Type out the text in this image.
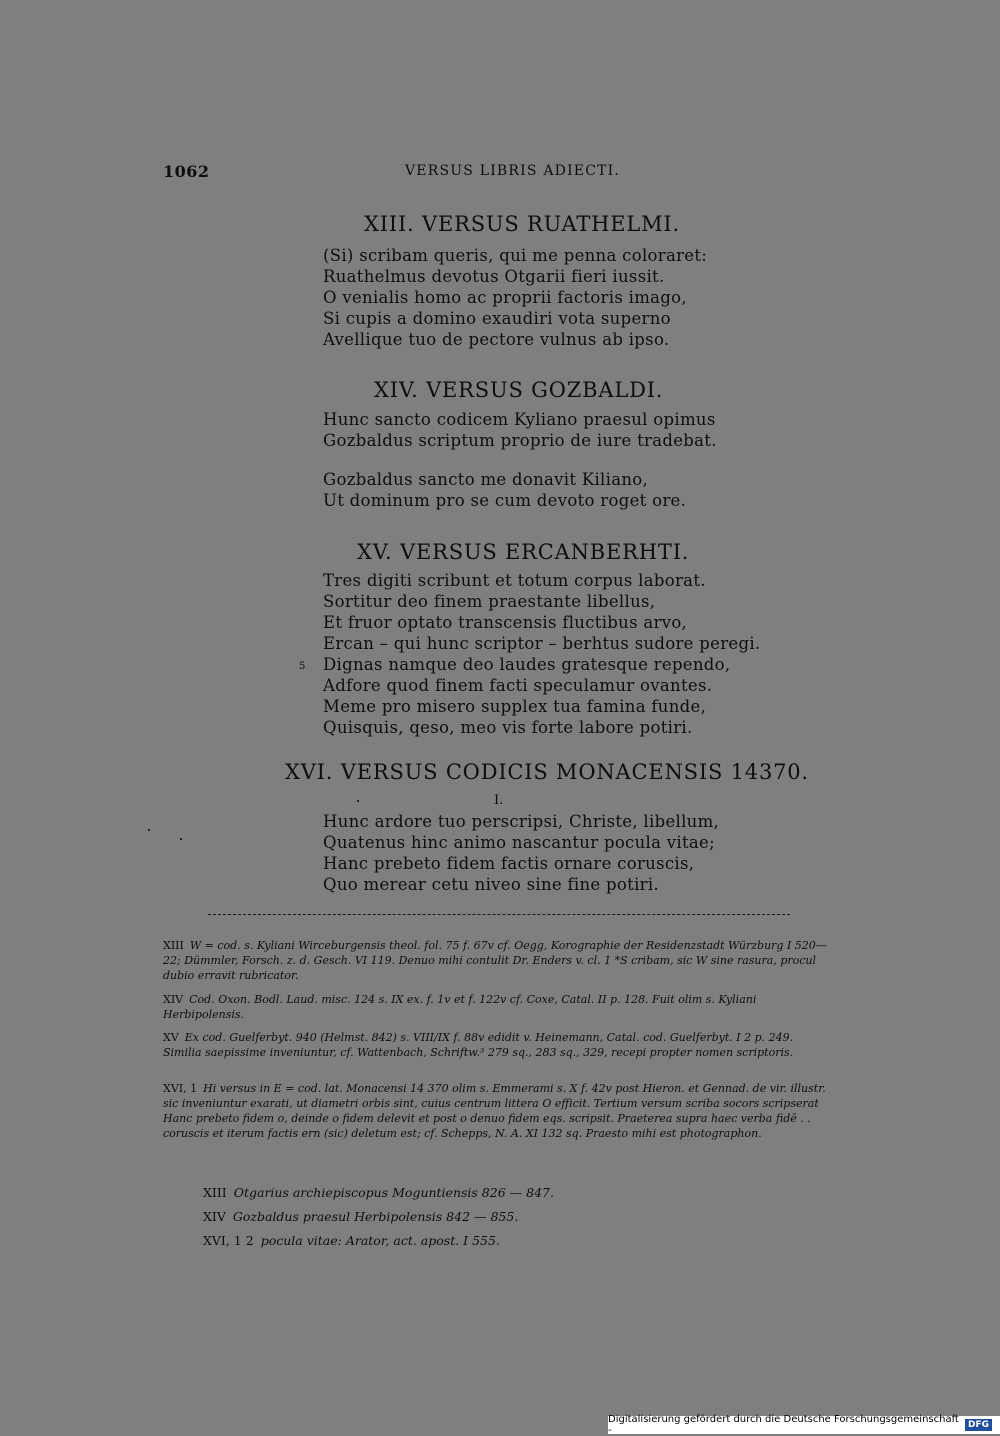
1062	VERSUS LIBRIS ADIECTI.
XIII. VERSUS RUATHELMI.
(Si) scribam queris, qui me penna coloraret:
Ruathelmus devotus Otgarii fieri iussit.
O venialis homo ac proprii factoris imago,
Si cupis a domino exaudiri vota superno
Avellique tuo de pectore vulnus ab ipso.
XIV. VERSUS GOZBALDI.
Hunc sancto codicem Kyliano praesul opimus
Gozbaldus scriptum proprio de iure tradebat.
Gozbaldus sancto me donavit Kiliano,
Ut dominum pro se cum devoto roget ore.
XV. VERSUS ERCANBERHTI.
Tres digiti scribunt et totum corpus laborat.
Sortitur deo finem praestante libellus,
Et fruor optato transcensis fluctibus arvo,
Ercan – qui hunc scriptor – berhtus sudore peregi.
Dignas namque deo laudes gratesque rependo,
Adfore quod finem facti speculamur ovantes.
Meme pro misero supplex tua famina funde,
Quisquis, qeso, meo vis forte labore potiri.
5
XVI. VERSUS CODICIS MONACENSIS 14370.
I.
Hunc ardore tuo perscripsi, Christe, libellum,
Quatenus hinc animo nascantur pocula vitae;
Hanc prebeto fidem factis ornare coruscis,
Quo merear cetu niveo sine fine potiri.
XIII W = cod. s. Kyliani Wirceburgensis theol. fol. 75 f. 67v cf. Oegg, Korographie der Residenzstadt Würzburg I 520—22; Dümmler, Forsch. z. d. Gesch. VI 119. Denuo mihi contulit Dr. Enders v. cl. 1 *S cribam, sic W sine rasura, procul dubio erravit rubricator.
XIV Cod. Oxon. Bodl. Laud. misc. 124 s. IX ex. f. 1v et f. 122v cf. Coxe, Catal. II p. 128. Fuit olim s. Kyliani Herbipolensis.
XV Ex cod. Guelferbyt. 940 (Helmst. 842) s. VIII/IX f. 88v edidit v. Heinemann, Catal. cod. Guelferbyt. I 2 p. 249. Similia saepissime inveniuntur, cf. Wattenbach, Schriftw.³ 279 sq., 283 sq., 329, recepi propter nomen scriptoris.
XVI, 1 Hi versus in E = cod. lat. Monacensi 14 370 olim s. Emmerami s. X f. 42v post Hieron. et Gennad. de vir. illustr. sic inveniuntur exarati, ut diametri orbis sint, cuius centrum littera O efficit. Tertium versum scriba socors scripserat Hanc prebeto fidem o, deinde o fidem delevit et post o denuo fidem eqs. scripsit. Praeterea supra haec verba fidē . . coruscis et iterum factis ern (sic) deletum est; cf. Schepps, N. A. XI 132 sq. Praesto mihi est photographon.
XIII Otgarius archiepiscopus Moguntiensis 826 — 847.
XIV Gozbaldus praesul Herbipolensis 842 — 855.
XVI, 1 2 pocula vitae: Arator, act. apost. I 555.
Digitalisierung gefördert durch die Deutsche Forschungsgemeinschaft -	DFG
